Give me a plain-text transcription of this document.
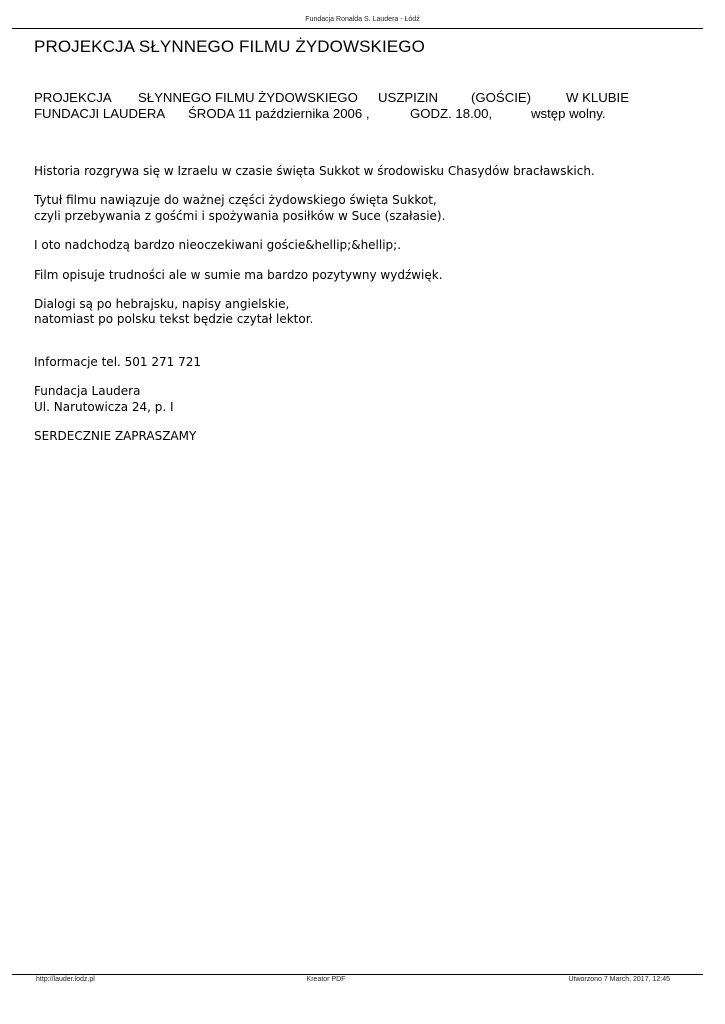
Fundacja Ronalda S. Laudera - Łódź
PROJEKCJA SŁYNNEGO FILMU ŻYDOWSKIEGO
PROJEKCJA SŁYNNEGO FILMU ŻYDOWSKIEGO USZPIZIN (GOŚCIE)	W KLUBIE
FUNDACJI LAUDERA ŚRODA 11 października 2006 ,	GODZ. 18.00,	wstęp wolny.

Historia rozgrywa się w Izraelu w czasie święta Sukkot w środowisku Chasydów bracławskich.

Tytuł filmu nawiązuje do ważnej części żydowskiego święta Sukkot,

czyli przebywania z gośćmi i spożywania posiłków w Suce (szałasie).

I oto nadchodzą bardzo nieoczekiwani goście&hellip;&hellip;.

Film opisuje trudności ale w sumie ma bardzo pozytywny wydźwięk.

Dialogi są po hebrajsku, napisy angielskie,

natomiast po polsku tekst będzie czytał lektor.

Informacje tel. 501 271 721

Fundacja Laudera

Ul. Narutowicza 24, p. I

SERDECZNIE ZAPRASZAMY

http://lauder.lodz.pl	Kreator PDF	Utworzono 7 March, 2017, 12:45
